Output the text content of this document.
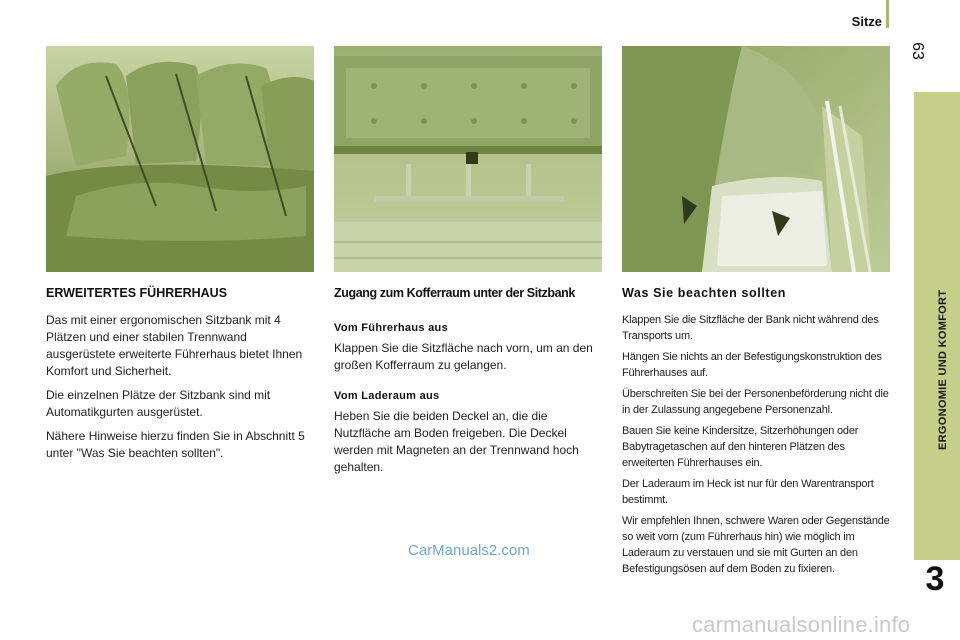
Sitze
63
ERGONOMIE UND KOMFORT
3
ERWEITERTES FÜHRERHAUS

Das mit einer ergonomischen Sitzbank mit 4 Plätzen und einer stabilen Trennwand ausgerüstete erweiterte Führerhaus bietet Ihnen Komfort und Sicherheit.

Die einzelnen Plätze der Sitzbank sind mit Automatikgurten ausgerüstet.

Nähere Hinweise hierzu finden Sie in Abschnitt 5 unter "Was Sie beachten sollten".

Zugang zum Kofferraum unter der Sitzbank
Vom Führerhaus aus

Klappen Sie die Sitzfläche nach vorn, um an den großen Kofferraum zu gelangen.

Vom Laderaum aus

Heben Sie die beiden Deckel an, die die Nutzfläche am Boden freigeben. Die Deckel werden mit Magneten an der Trennwand hoch gehalten.

Was Sie beachten sollten

Klappen Sie die Sitzfläche der Bank nicht während des Transports um.

Hängen Sie nichts an der Befestigungskonstruktion des Führerhauses auf.

Überschreiten Sie bei der Personenbeförderung nicht die in der Zulassung angegebene Personenzahl.

Bauen Sie keine Kindersitze, Sitzerhöhungen oder Babytragetaschen auf den hinteren Plätzen des erweiterten Führerhauses ein.

Der Laderaum im Heck ist nur für den Warentransport bestimmt.

Wir empfehlen Ihnen, schwere Waren oder Gegenstände so weit vorn (zum Führerhaus hin) wie möglich im Laderaum zu verstauen und sie mit Gurten an den Befestigungsösen auf dem Boden zu fixieren.

CarManuals2.com
carmanualsonline.info
